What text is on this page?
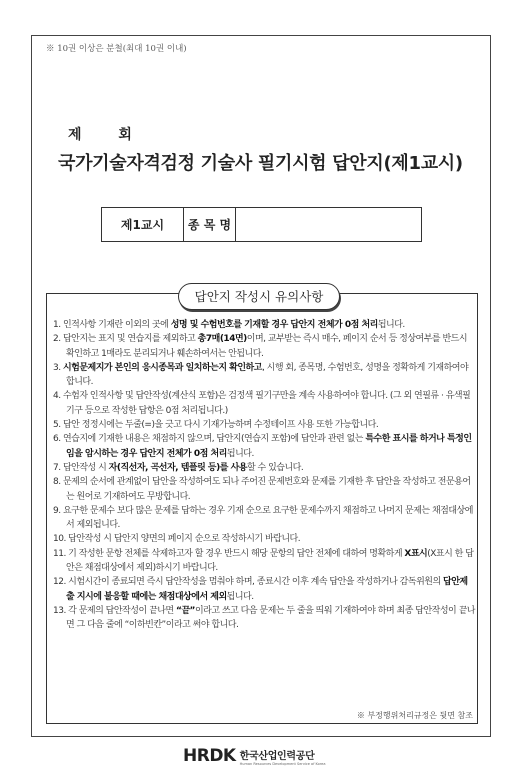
※ 10권 이상은 분철(최대 10권 이내)
제 회
국가기술자격검정 기술사 필기시험 답안지(제1교시)
제1교시	종 목 명	
답안지 작성시 유의사항
1. 인적사항 기재란 이외의 곳에 성명 및 수험번호를 기재할 경우 답안지 전체가 0점 처리됩니다.
2. 답안지는 표지 및 연습지를 제외하고 총7매(14면)이며, 교부받는 즉시 매수, 페이지 순서 등 정상여부를 반드시 확인하고 1매라도 분리되거나 훼손하여서는 안됩니다.
3. 시험문제지가 본인의 응시종목과 일치하는지 확인하고, 시행 회, 종목명, 수험번호, 성명을 정확하게 기재하여야 합니다.
4. 수험자 인적사항 및 답안작성(계산식 포함)은 검정색 필기구만을 계속 사용하여야 합니다. (그 외 연필류 · 유색필기구 등으로 작성한 답항은 0점 처리됩니다.)
5. 답안 정정시에는 두줄(=)을 긋고 다시 기재가능하며 수정테이프 사용 또한 가능합니다.
6. 연습지에 기재한 내용은 채점하지 않으며, 답안지(연습지 포함)에 답안과 관련 없는 특수한 표시를 하거나 특정인임을 암시하는 경우 답안지 전체가 0점 처리됩니다.
7. 답안작성 시 자(직선자, 곡선자, 템플릿 등)를 사용할 수 있습니다.
8. 문제의 순서에 관계없이 답안을 작성하여도 되나 주어진 문제번호와 문제를 기재한 후 답안을 작성하고 전문용어는 원어로 기재하여도 무방합니다.
9. 요구한 문제수 보다 많은 문제를 답하는 경우 기재 순으로 요구한 문제수까지 채점하고 나머지 문제는 채점대상에서 제외됩니다.
10. 답안작성 시 답안지 양면의 페이지 순으로 작성하시기 바랍니다.
11. 기 작성한 문항 전체를 삭제하고자 할 경우 반드시 해당 문항의 답안 전체에 대하여 명확하게 X표시(X표시 한 답안은 채점대상에서 제외)하시기 바랍니다.
12. 시험시간이 종료되면 즉시 답안작성을 멈춰야 하며, 종료시간 이후 계속 답안을 작성하거나 감독위원의 답안제출 지시에 불응할 때에는 채점대상에서 제외됩니다.
13. 각 문제의 답안작성이 끝나면 “끝”이라고 쓰고 다음 문제는 두 줄을 띄워 기재하여야 하며 최종 답안작성이 끝나면 그 다음 줄에 “이하빈칸”이라고 써야 합니다.
※ 부정행위처리규정은 뒷면 참조
HRDK 한국산업인력공단
Human Resources Development Service of Korea
